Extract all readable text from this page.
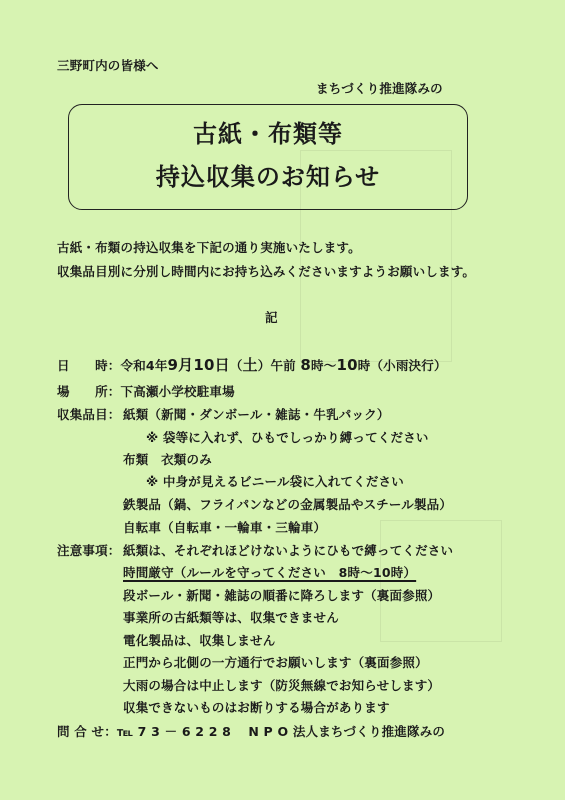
三野町内の皆様へ
まちづくり推進隊みの
古紙・布類等
持込収集のお知らせ
古紙・布類の持込収集を下記の通り実施いたします。
収集品目別に分別し時間内にお持ち込みくださいますようお願いします。
記
日　　時：令和4年9月10日（土）午前 8時～10時（小雨決行）
場　　所：下高瀬小学校駐車場
収集品目： 紙類（新聞・ダンボール・雑誌・牛乳パック）
※ 袋等に入れず、ひもでしっかり縛ってください
布類　衣類のみ
※ 中身が見えるビニール袋に入れてください
鉄製品（鍋、フライパンなどの金属製品やスチール製品）
自転車（自転車・一輪車・三輪車）
注意事項： 紙類は、それぞれほどけないようにひもで縛ってください
時間厳守（ルールを守ってください　8時～10時）
段ボール・新聞・雑誌の順番に降ろします（裏面参照）
事業所の古紙類等は、収集できません
電化製品は、収集しません
正門から北側の一方通行でお願いします（裏面参照）
大雨の場合は中止します（防災無線でお知らせします）
収集できないものはお断りする場合があります
問 合 せ：℡ 7 3 － 6 2 2 8　 N P O 法人まちづくり推進隊みの
